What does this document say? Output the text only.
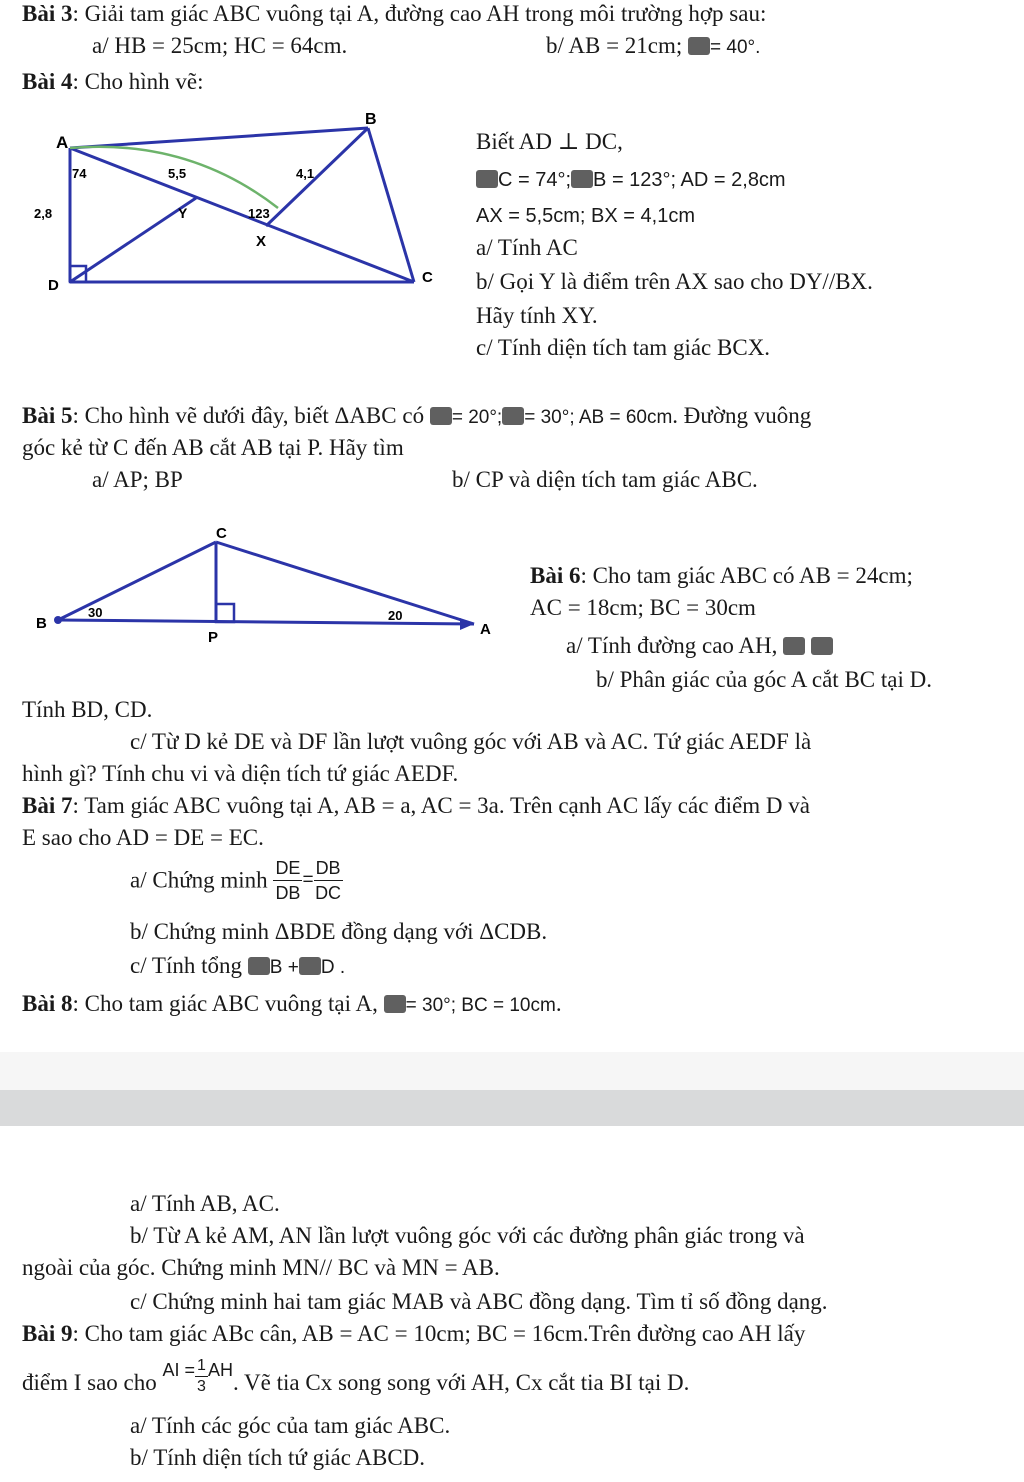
Bài 3: Giải tam giác ABC vuông tại A, đường cao AH trong môi trường hợp sau:
a/ HB = 25cm; HC = 64cm.	b/ AB = 21cm; = 40°.
Bài 4: Cho hình vẽ:
A
B
C
D
X
Y
74	5,5	4,1
2,8	123
Biết AD ⊥ DC,
C = 74°; B = 123°; AD = 2,8cm
AX = 5,5cm; BX = 4,1cm
a/ Tính AC
b/ Gọi Y là điểm trên AX sao cho DY//BX.
Hãy tính XY.
c/ Tính diện tích tam giác BCX.
Bài 5: Cho hình vẽ dưới đây, biết ΔABC có = 20°; = 30°; AB = 60cm. Đường vuông
góc kẻ từ C đến AB cắt AB tại P. Hãy tìm
a/ AP; BP	b/ CP và diện tích tam giác ABC.
C
B	A
P
30	20
Bài 6: Cho tam giác ABC có AB = 24cm;
AC = 18cm; BC = 30cm
a/ Tính đường cao AH,
b/ Phân giác của góc A cắt BC tại D.
Tính BD, CD.
c/ Từ D kẻ DE và DF lần lượt vuông góc với AB và AC. Tứ giác AEDF là
hình gì? Tính chu vi và diện tích tứ giác AEDF.
Bài 7: Tam giác ABC vuông tại A, AB = a, AC = 3a. Trên cạnh AC lấy các điểm D và
E sao cho AD = DE = EC.
a/ Chứng minh $\frac{DE}{DB} = \frac{DB}{DC}$
b/ Chứng minh ΔBDE đồng dạng với ΔCDB.
c/ Tính tổng B + D .
Bài 8: Cho tam giác ABC vuông tại A, = 30°; BC = 10cm.
a/ Tính AB, AC.
b/ Từ A kẻ AM, AN lần lượt vuông góc với các đường phân giác trong và
ngoài của góc. Chứng minh MN// BC và MN = AB.
c/ Chứng minh hai tam giác MAB và ABC đồng dạng. Tìm tỉ số đồng dạng.
Bài 9: Cho tam giác ABc cân, AB = AC = 10cm; BC = 16cm.Trên đường cao AH lấy
điểm I sao cho $^{AI =} \frac{1}{3} ^{AH}$. Vẽ tia Cx song song với AH, Cx cắt tia BI tại D.
a/ Tính các góc của tam giác ABC.
b/ Tính diện tích tứ giác ABCD.
